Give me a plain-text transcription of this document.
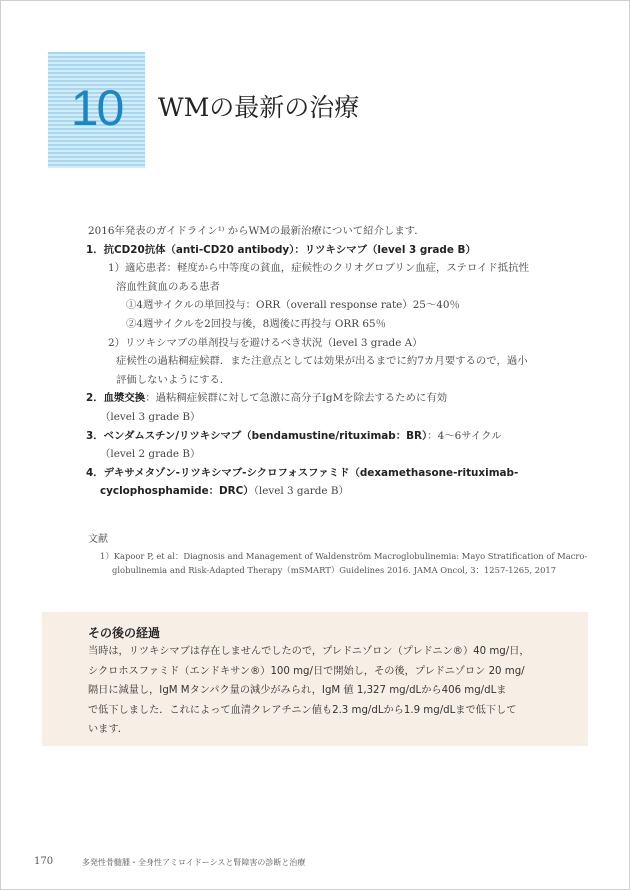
10	WMの最新の治療
2016年発表のガイドライン¹⁾ からWMの最新治療について紹介します．
1．抗CD20抗体（anti-CD20 antibody）：リツキシマブ（level 3 grade B）
1）適応患者：軽度から中等度の貧血，症候性のクリオグロブリン血症，ステロイド抵抗性
溶血性貧血のある患者
①4週サイクルの単回投与：ORR（overall response rate）25～40％
②4週サイクルを2回投与後，8週後に再投与 ORR 65％
2）リツキシマブの単剤投与を避けるべき状況（level 3 grade A）
症候性の過粘稠症候群．また注意点としては効果が出るまでに約7カ月要するので，過小
評価しないようにする．
2．血漿交換：過粘稠症候群に対して急激に高分子IgMを除去するために有効
（level 3 grade B）
3．ベンダムスチン/リツキシマブ（bendamustine/rituximab：BR）：4～6サイクル
（level 2 grade B）
4．デキサメタゾン-リツキシマブ-シクロフォスファミド（dexamethasone-rituximab-
cyclophosphamide：DRC）（level 3 garde B）
文献
1）Kapoor P, et al：Diagnosis and Management of Waldenström Macroglobulinemia: Mayo Stratification of Macro-
globulinemia and Risk-Adapted Therapy（mSMART）Guidelines 2016. JAMA Oncol, 3：1257-1265, 2017
その後の経過
当時は，リツキシマブは存在しませんでしたので，プレドニゾロン（プレドニン®）40 mg/日，
シクロホスファミド（エンドキサン®）100 mg/日で開始し，その後，プレドニゾロン 20 mg/
隔日に減量し，IgM Mタンパク量の減少がみられ，IgM 値 1,327 mg/dLから406 mg/dLま
で低下しました．これによって血清クレアチニン値も2.3 mg/dLから1.9 mg/dLまで低下して
います．
170	多発性骨髄腫・全身性アミロイドーシスと腎障害の診断と治療
